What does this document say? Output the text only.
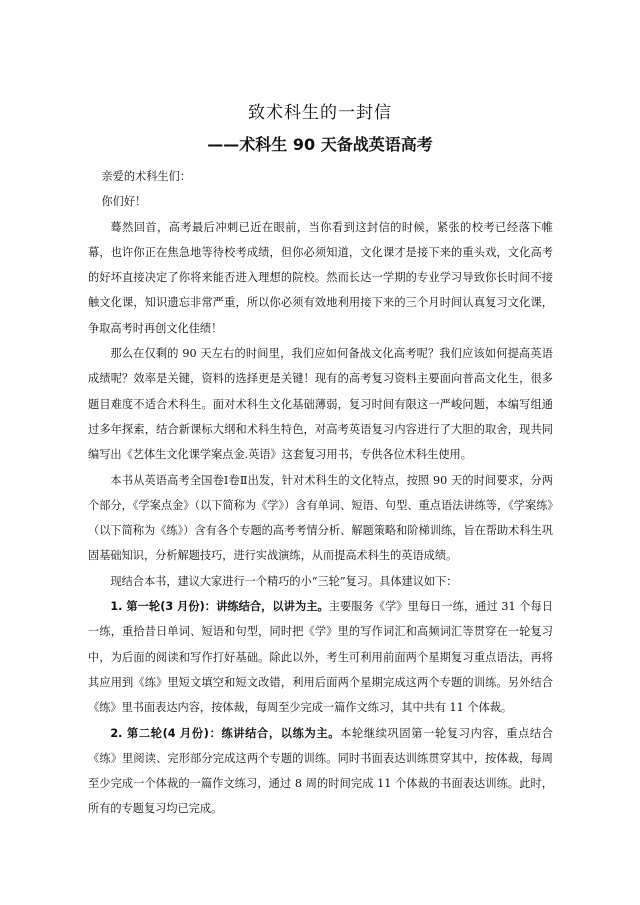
致术科生的一封信
——术科生 90 天备战英语高考

亲爱的术科生们：

你们好！

蓦然回首，高考最后冲刺已近在眼前，当你看到这封信的时候，紧张的校考已经落下帷幕，也许你正在焦急地等待校考成绩，但你必须知道，文化课才是接下来的重头戏，文化高考的好坏直接决定了你将来能否进入理想的院校。然而长达一学期的专业学习导致你长时间不接触文化课，知识遗忘非常严重，所以你必须有效地利用接下来的三个月时间认真复习文化课，争取高考时再创文化佳绩！

那么在仅剩的 90 天左右的时间里，我们应如何备战文化高考呢？我们应该如何提高英语成绩呢？效率是关键，资料的选择更是关键！现有的高考复习资料主要面向普高文化生，很多题目难度不适合术科生。面对术科生文化基础薄弱，复习时间有限这一严峻问题，本编写组通过多年探索，结合新课标大纲和术科生特色，对高考英语复习内容进行了大胆的取舍，现共同编写出《艺体生文化课学案点金.英语》这套复习用书，专供各位术科生使用。

本书从英语高考全国卷Ⅰ卷Ⅱ出发，针对术科生的文化特点，按照 90 天的时间要求，分两个部分，《学案点金》（以下简称为《学》）含有单词、短语、句型、重点语法讲练等，《学案练》（以下简称为《练》）含有各个专题的高考考情分析、解题策略和阶梯训练，旨在帮助术科生巩固基础知识，分析解题技巧，进行实战演练，从而提高术科生的英语成绩。

现结合本书，建议大家进行一个精巧的小“三轮”复习。具体建议如下：

1. 第一轮(3 月份)：讲练结合，以讲为主。主要服务《学》里每日一练，通过 31 个每日一练，重拾昔日单词、短语和句型，同时把《学》里的写作词汇和高频词汇等贯穿在一轮复习中，为后面的阅读和写作打好基础。除此以外，考生可利用前面两个星期复习重点语法，再将其应用到《练》里短文填空和短文改错，利用后面两个星期完成这两个专题的训练。另外结合《练》里书面表达内容，按体裁，每周至少完成一篇作文练习，其中共有 11 个体裁。

2. 第二轮(4 月份)：练讲结合，以练为主。本轮继续巩固第一轮复习内容，重点结合《练》里阅读、完形部分完成这两个专题的训练。同时书面表达训练贯穿其中，按体裁，每周至少完成一个体裁的一篇作文练习，通过 8 周的时间完成 11 个体裁的书面表达训练。此时，所有的专题复习均已完成。
